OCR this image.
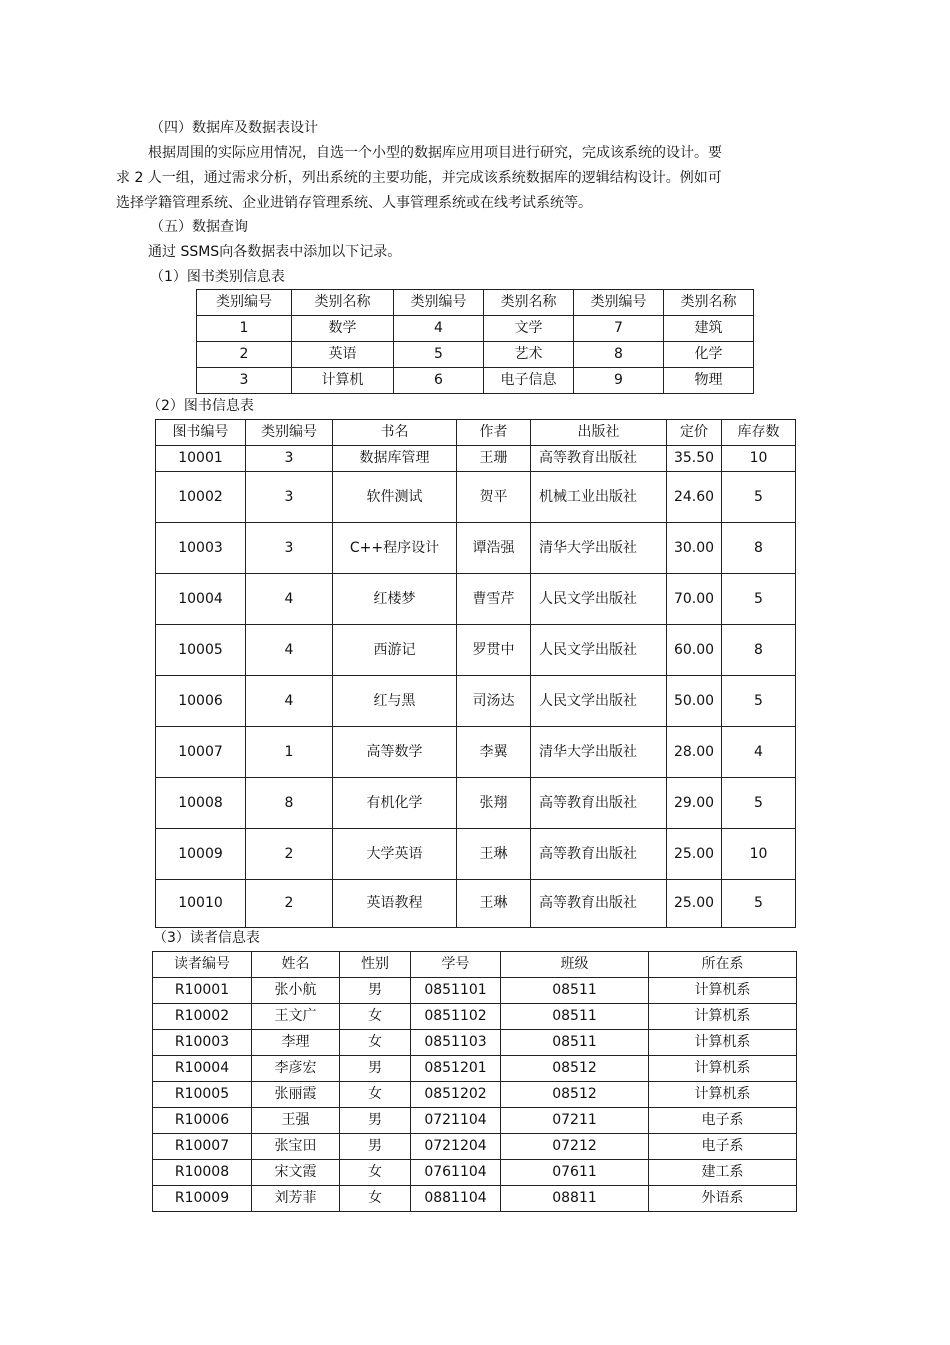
（四）数据库及数据表设计
根据周围的实际应用情况，自选一个小型的数据库应用项目进行研究，完成该系统的设计。要
求 2 人一组，通过需求分析，列出系统的主要功能，并完成该系统数据库的逻辑结构设计。例如可
选择学籍管理系统、企业进销存管理系统、人事管理系统或在线考试系统等。
（五）数据查询
通过 SSMS向各数据表中添加以下记录。
（1）图书类别信息表
类别编号	类别名称	类别编号	类别名称	类别编号	类别名称
1	数学	4	文学	7	建筑
2	英语	5	艺术	8	化学
3	计算机	6	电子信息	9	物理
（2）图书信息表
图书编号	类别编号	书名	作者	出版社	定价	库存数
10001	3	数据库管理	王珊	高等教育出版社	35.50	10
10002	3	软件测试	贺平	机械工业出版社	24.60	5
10003	3	C++程序设计	谭浩强	清华大学出版社	30.00	8
10004	4	红楼梦	曹雪芹	人民文学出版社	70.00	5
10005	4	西游记	罗贯中	人民文学出版社	60.00	8
10006	4	红与黑	司汤达	人民文学出版社	50.00	5
10007	1	高等数学	李翼	清华大学出版社	28.00	4
10008	8	有机化学	张翔	高等教育出版社	29.00	5
10009	2	大学英语	王琳	高等教育出版社	25.00	10
10010	2	英语教程	王琳	高等教育出版社	25.00	5
（3）读者信息表
读者编号	姓名	性别	学号	班级	所在系
R10001	张小航	男	0851101	08511	计算机系
R10002	王文广	女	0851102	08511	计算机系
R10003	李理	女	0851103	08511	计算机系
R10004	李彦宏	男	0851201	08512	计算机系
R10005	张丽霞	女	0851202	08512	计算机系
R10006	王强	男	0721104	07211	电子系
R10007	张宝田	男	0721204	07212	电子系
R10008	宋文霞	女	0761104	07611	建工系
R10009	刘芳菲	女	0881104	08811	外语系
